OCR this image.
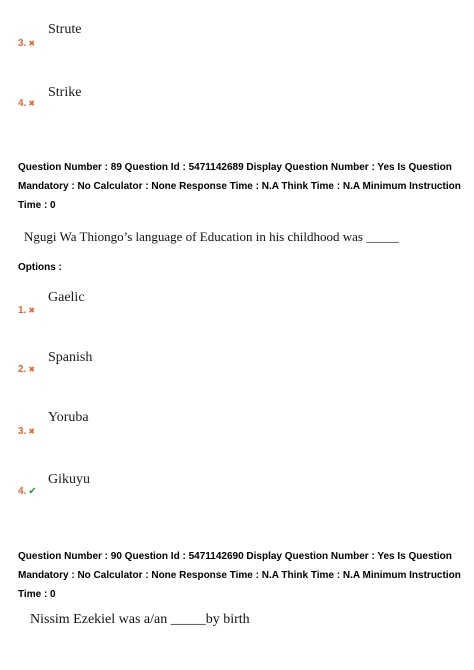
Strute
3. ✖
Strike
4. ✖
Question Number : 89 Question Id : 5471142689 Display Question Number : Yes Is Question
Mandatory : No Calculator : None Response Time : N.A Think Time : N.A Minimum Instruction
Time : 0
Ngugi Wa Thiongo’s language of Education in his childhood was _____
Options :
Gaelic
1. ✖
Spanish
2. ✖
Yoruba
3. ✖
Gikuyu
4. ✔
Question Number : 90 Question Id : 5471142690 Display Question Number : Yes Is Question
Mandatory : No Calculator : None Response Time : N.A Think Time : N.A Minimum Instruction
Time : 0
Nissim Ezekiel was a/an _____by birth
